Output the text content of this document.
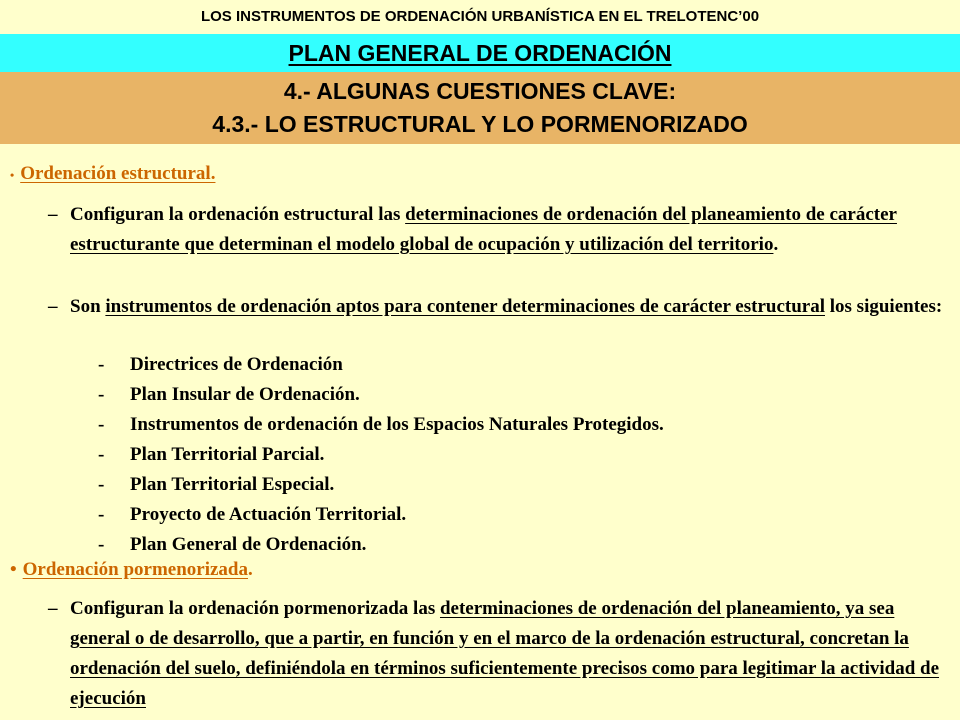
LOS INSTRUMENTOS DE ORDENACIÓN URBANÍSTICA EN EL TRELOTENC’00
PLAN GENERAL DE ORDENACIÓN
4.- ALGUNAS CUESTIONES CLAVE:
4.3.- LO ESTRUCTURAL Y LO PORMENORIZADO
• Ordenación estructural.
– Configuran la ordenación estructural las determinaciones de ordenación del planeamiento de carácter estructurante que determinan el modelo global de ocupación y utilización del territorio.
– Son instrumentos de ordenación aptos para contener determinaciones de carácter estructural los siguientes:
- Directrices de Ordenación
- Plan Insular de Ordenación.
- Instrumentos de ordenación de los Espacios Naturales Protegidos.
- Plan Territorial Parcial.
- Plan Territorial Especial.
- Proyecto de Actuación Territorial.
- Plan General de Ordenación.
• Ordenación pormenorizada.
– Configuran la ordenación pormenorizada las determinaciones de ordenación del planeamiento, ya sea general o de desarrollo, que a partir, en función y en el marco de la ordenación estructural, concretan la ordenación del suelo, definiéndola en términos suficientemente precisos como para legitimar la actividad de ejecución
